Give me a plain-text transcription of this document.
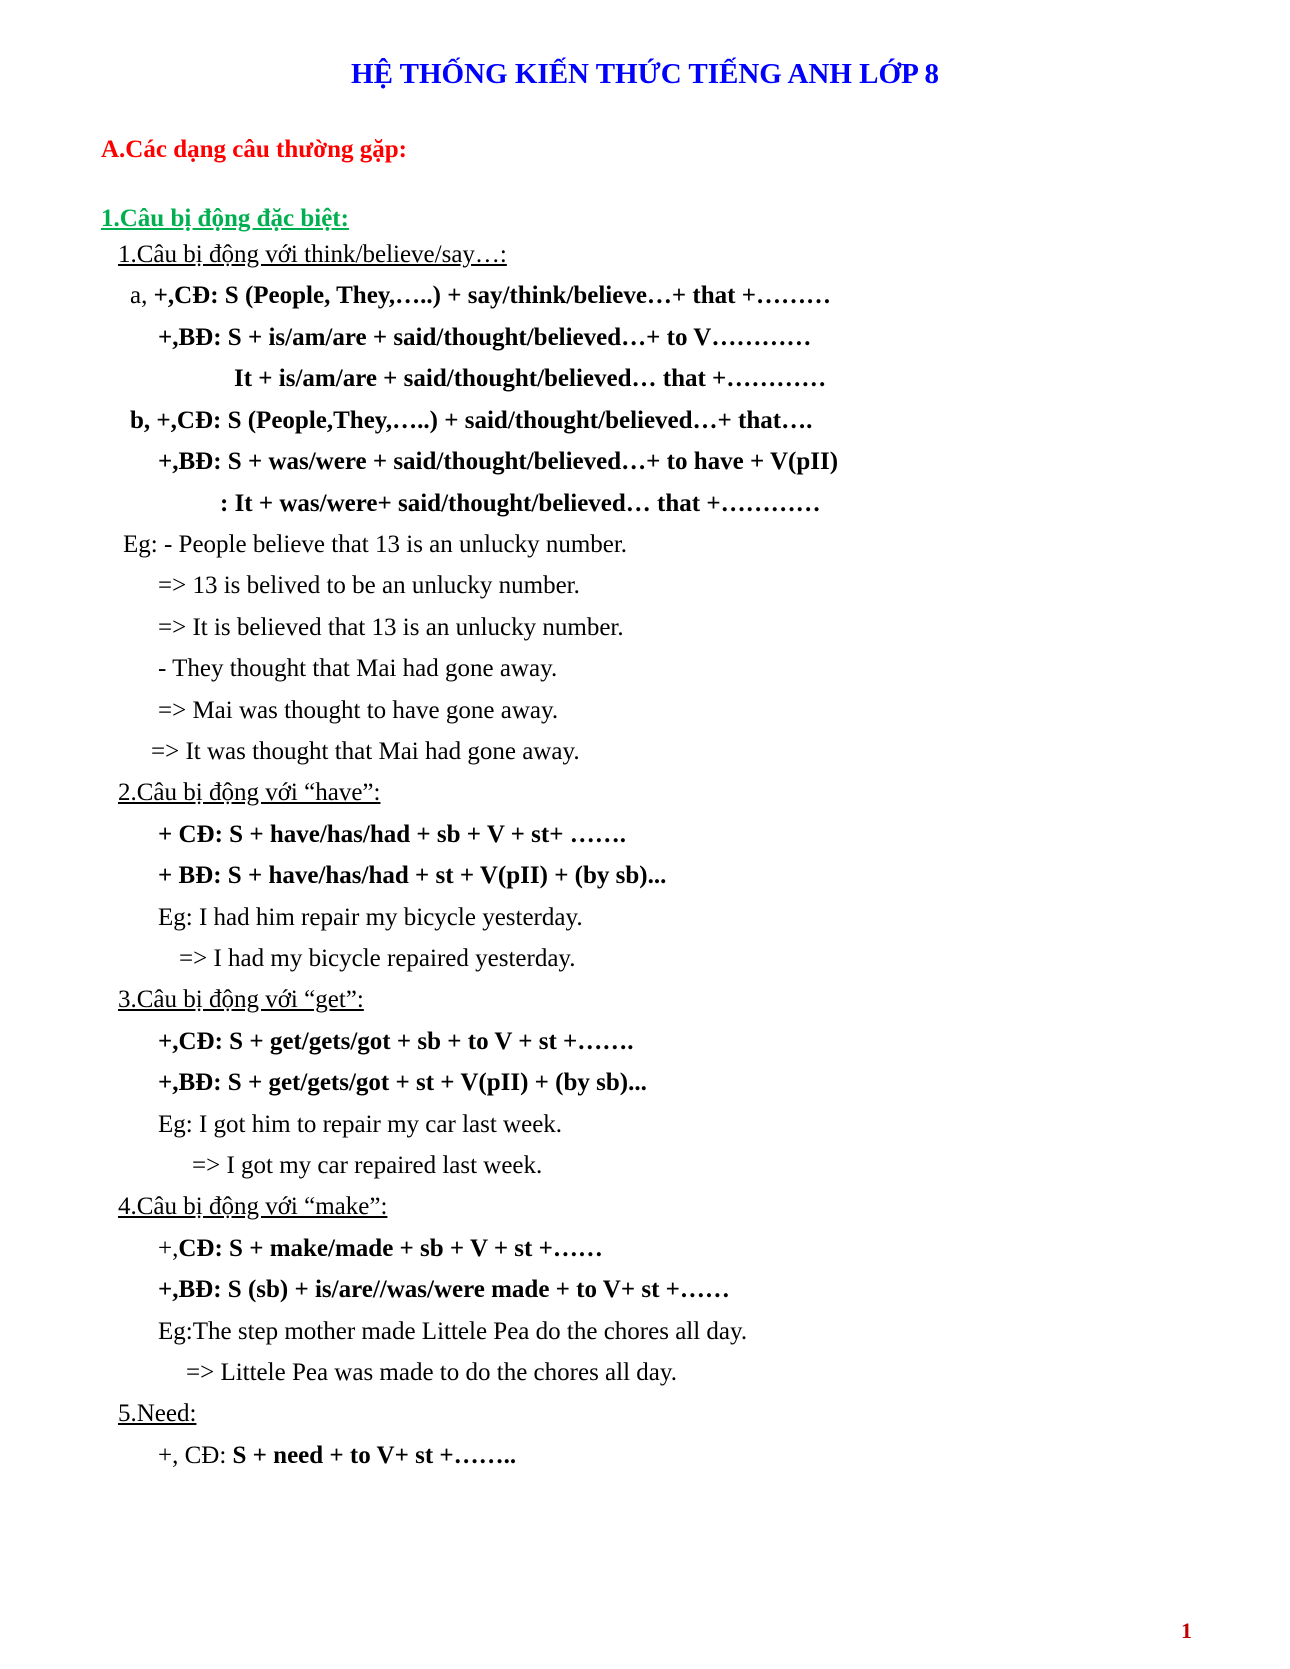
HỆ THỐNG KIẾN THỨC TIẾNG ANH LỚP 8
A.Các dạng câu thường gặp:
1.Câu bị động đặc biệt:
1.Câu bị động với think/believe/say…:
a, +,CĐ: S (People, They,…..) + say/think/believe…+ that +………
+,BĐ: S + is/am/are + said/thought/believed…+ to V…………
It + is/am/are + said/thought/believed… that +…………
b, +,CĐ: S (People,They,…..) + said/thought/believed…+ that….
+,BĐ: S + was/were + said/thought/believed…+ to have + V(pII)
: It + was/were+ said/thought/believed… that +…………
Eg: - People believe that 13 is an unlucky number.
=> 13 is belived to be an unlucky number.
=> It is believed that 13 is an unlucky number.
- They thought that Mai had gone away.
=> Mai was thought to have gone away.
=> It was thought that Mai had gone away.
2.Câu bị động với “have”:
+ CĐ: S + have/has/had + sb + V + st+ …….
+ BĐ: S + have/has/had + st + V(pII) + (by sb)...
Eg: I had him repair my bicycle yesterday.
=> I had my bicycle repaired yesterday.
3.Câu bị động với “get”:
+,CĐ: S + get/gets/got + sb + to V + st +…….
+,BĐ: S + get/gets/got + st + V(pII) + (by sb)...
Eg: I got him to repair my car last week.
=> I got my car repaired last week.
4.Câu bị động với “make”:
+,CĐ: S + make/made + sb + V + st +……
+,BĐ: S (sb) + is/are//was/were made + to V+ st +……
Eg:The step mother made Littele Pea do the chores all day.
=> Littele Pea was made to do the chores all day.
5.Need:
+, CĐ: S + need + to V+ st +……..
1
